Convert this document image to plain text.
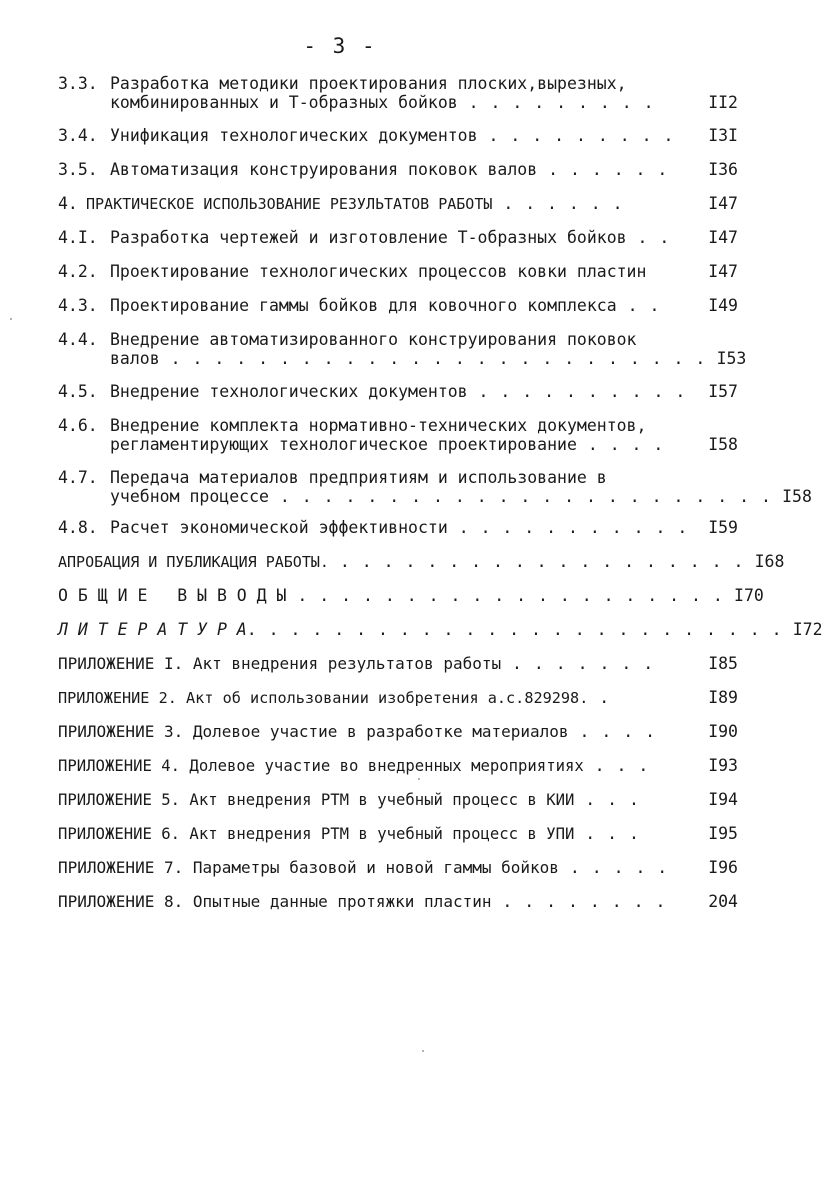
- 3 -
3.3. Разработка методики проектирования плоских,вырезных,
комбинированных и Т-образных бойков . . . . . . . . .	II2
3.4. Унификация технологических документов . . . . . . . . .	I3I
3.5. Автоматизация конструирования поковок валов . . . . . .	I36
4. ПРАКТИЧЕСКОЕ ИСПОЛЬЗОВАНИЕ РЕЗУЛЬТАТОВ РАБОТЫ . . . . . .	I47
4.I. Разработка чертежей и изготовление Т-образных бойков . .	I47
4.2. Проектирование технологических процессов ковки пластин	I47
4.3. Проектирование гаммы бойков для ковочного комплекса . .	I49
4.4. Внедрение автоматизированного конструирования поковок
валов . . . . . . . . . . . . . . . . . . . . . . . . . I53
4.5. Внедрение технологических документов . . . . . . . . . .	I57
4.6. Внедрение комплекта нормативно-технических документов,
регламентирующих технологическое проектирование . . . .	I58
4.7. Передача материалов предприятиям и использование в
учебном процессе . . . . . . . . . . . . . . . . . . . . . . . I58
4.8. Расчет экономической эффективности . . . . . . . . . . .	I59
АПРОБАЦИЯ И ПУБЛИКАЦИЯ РАБОТЫ. . . . . . . . . . . . . . . . . . . . I68
О Б Щ И Е   В Ы В О Д Ы . . . . . . . . . . . . . . . . . . . . I70
Л И Т Е Р А Т У Р А . . . . . . . . . . . . . . . . . . . . . . . . . I72
ПРИЛОЖЕНИЕ I. Акт внедрения результатов работы . . . . . . .	I85
ПРИЛОЖЕНИЕ 2. Акт об использовании изобретения а.с.829298. .	I89
ПРИЛОЖЕНИЕ 3. Долевое участие в разработке материалов . . . .	I90
ПРИЛОЖЕНИЕ 4. Долевое участие во внедренных мероприятиях . . .	I93
ПРИЛОЖЕНИЕ 5. Акт внедрения РТМ в учебный процесс в КИИ . . .	I94
ПРИЛОЖЕНИЕ 6. Акт внедрения РТМ в учебный процесс в УПИ . . .	I95
ПРИЛОЖЕНИЕ 7. Параметры базовой и новой гаммы бойков . . . . .	I96
ПРИЛОЖЕНИЕ 8. Опытные данные протяжки пластин . . . . . . . .	204
